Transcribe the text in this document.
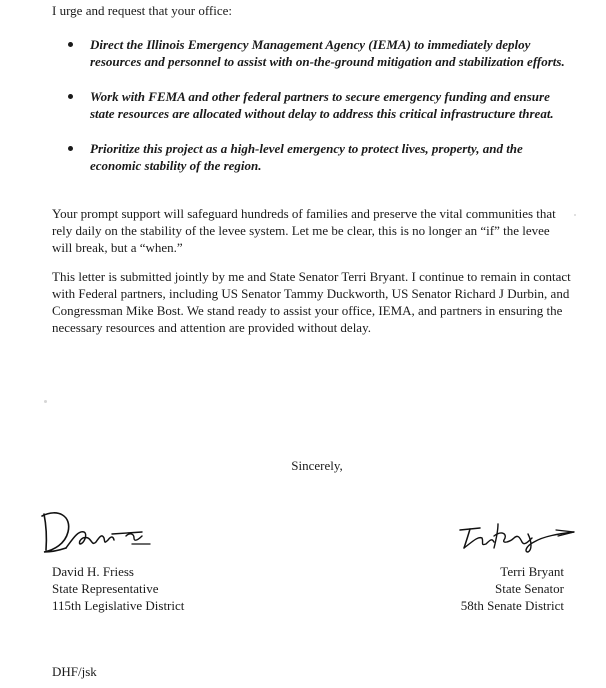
I urge and request that your office:

Direct the Illinois Emergency Management Agency (IEMA) to immediately deploy resources and personnel to assist with on-the-ground mitigation and stabilization efforts.
Work with FEMA and other federal partners to secure emergency funding and ensure state resources are allocated without delay to address this critical infrastructure threat.
Prioritize this project as a high-level emergency to protect lives, property, and the economic stability of the region.

Your prompt support will safeguard hundreds of families and preserve the vital communities that rely daily on the stability of the levee system. Let me be clear, this is no longer an “if” the levee will break, but a “when.”

This letter is submitted jointly by me and State Senator Terri Bryant. I continue to remain in contact with Federal partners, including US Senator Tammy Duckworth, US Senator Richard J Durbin, and Congressman Mike Bost. We stand ready to assist your office, IEMA, and partners in ensuring the necessary resources and attention are provided without delay.

Sincerely,
David H. Friess
State Representative
115th Legislative District
Terri Bryant
State Senator
58th Senate District
DHF/jsk
